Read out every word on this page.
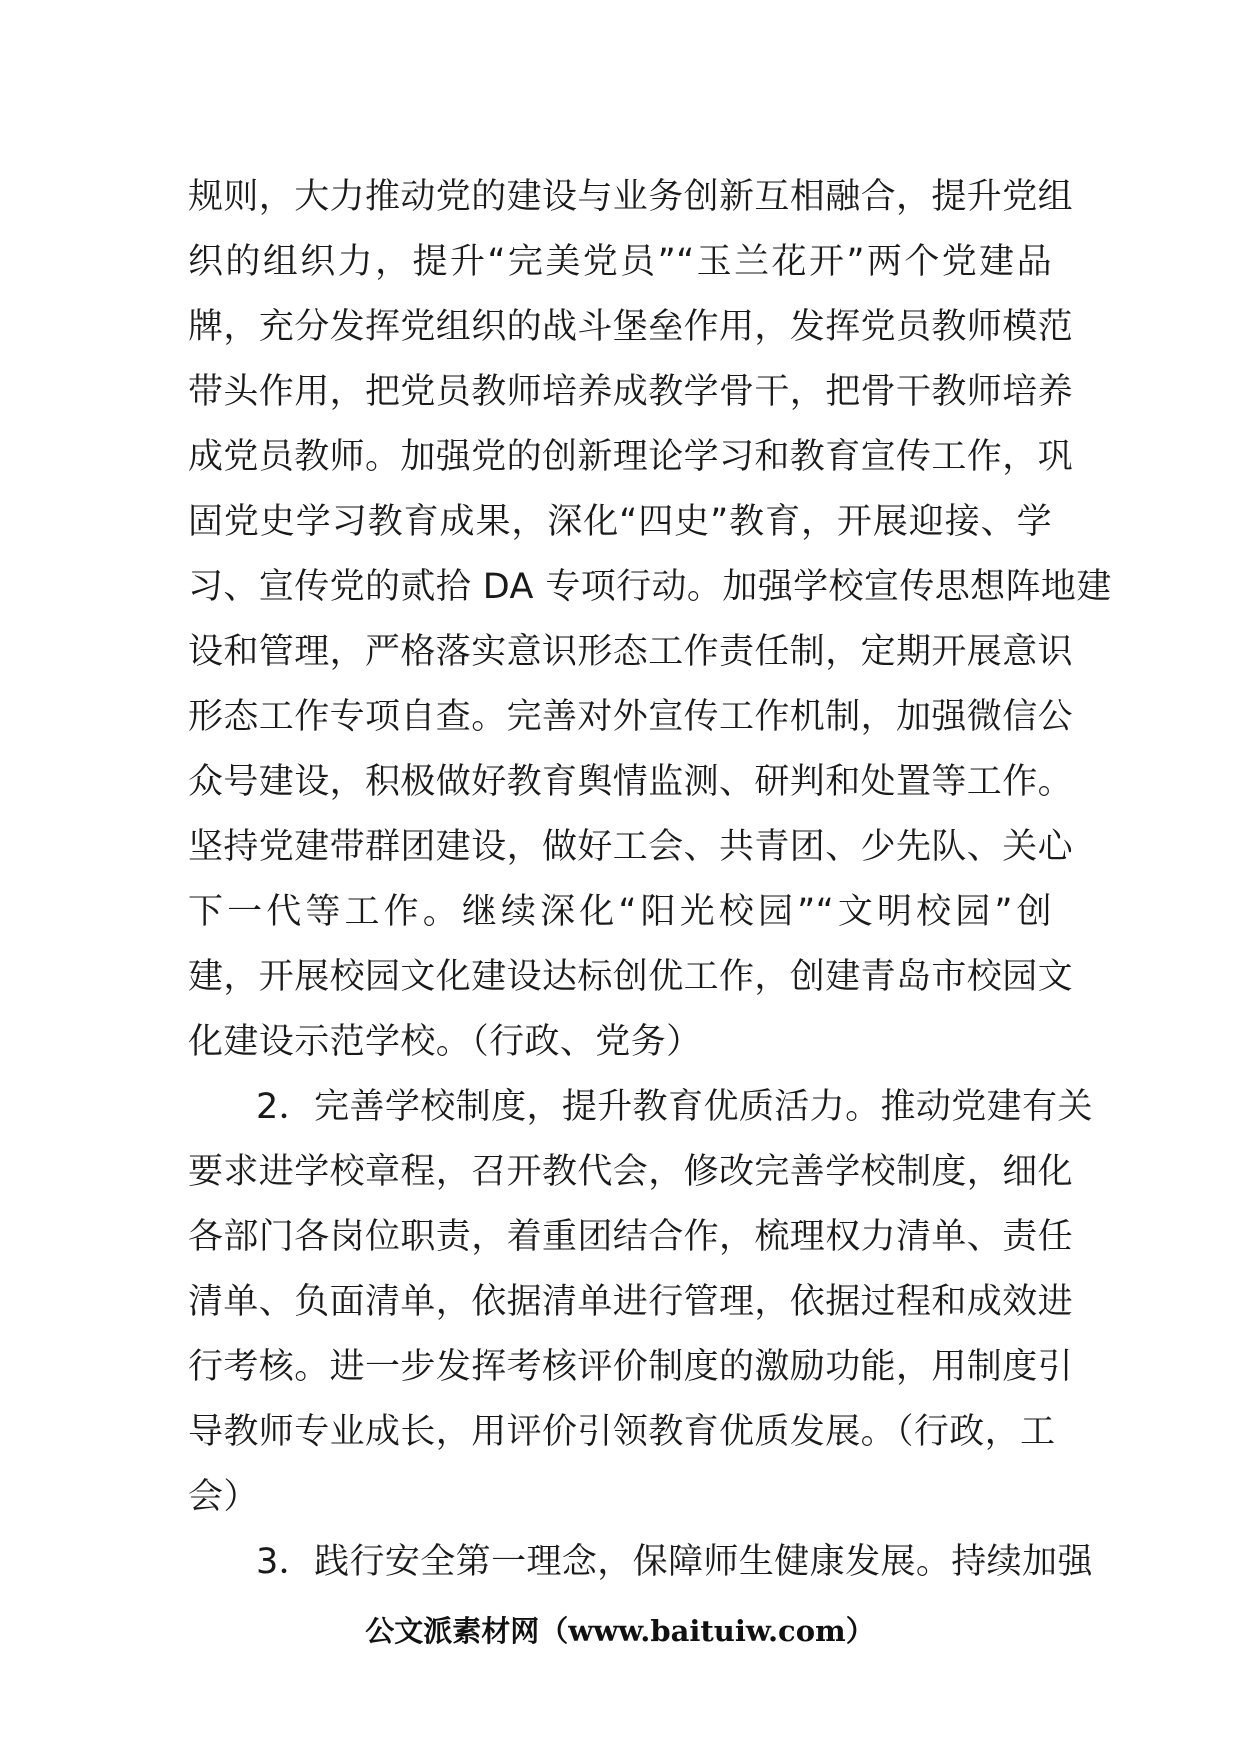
规则，大力推动党的建设与业务创新互相融合，提升党组
织的组织力，提升“完美党员”“玉兰花开”两个党建品
牌，充分发挥党组织的战斗堡垒作用，发挥党员教师模范
带头作用，把党员教师培养成教学骨干，把骨干教师培养
成党员教师。加强党的创新理论学习和教育宣传工作，巩
固党史学习教育成果，深化“四史”教育，开展迎接、学
习、宣传党的贰拾 DA 专项行动。加强学校宣传思想阵地建
设和管理，严格落实意识形态工作责任制，定期开展意识
形态工作专项自查。完善对外宣传工作机制，加强微信公
众号建设，积极做好教育舆情监测、研判和处置等工作。
坚持党建带群团建设，做好工会、共青团、少先队、关心
下一代等工作。继续深化“阳光校园”“文明校园”创
建，开展校园文化建设达标创优工作，创建青岛市校园文
化建设示范学校。（行政、党务）
2．完善学校制度，提升教育优质活力。推动党建有关
要求进学校章程，召开教代会，修改完善学校制度，细化
各部门各岗位职责，着重团结合作，梳理权力清单、责任
清单、负面清单，依据清单进行管理，依据过程和成效进
行考核。进一步发挥考核评价制度的激励功能，用制度引
导教师专业成长，用评价引领教育优质发展。（行政，工
会）
3．践行安全第一理念，保障师生健康发展。持续加强
公文派素材网（www.baituiw.com）
